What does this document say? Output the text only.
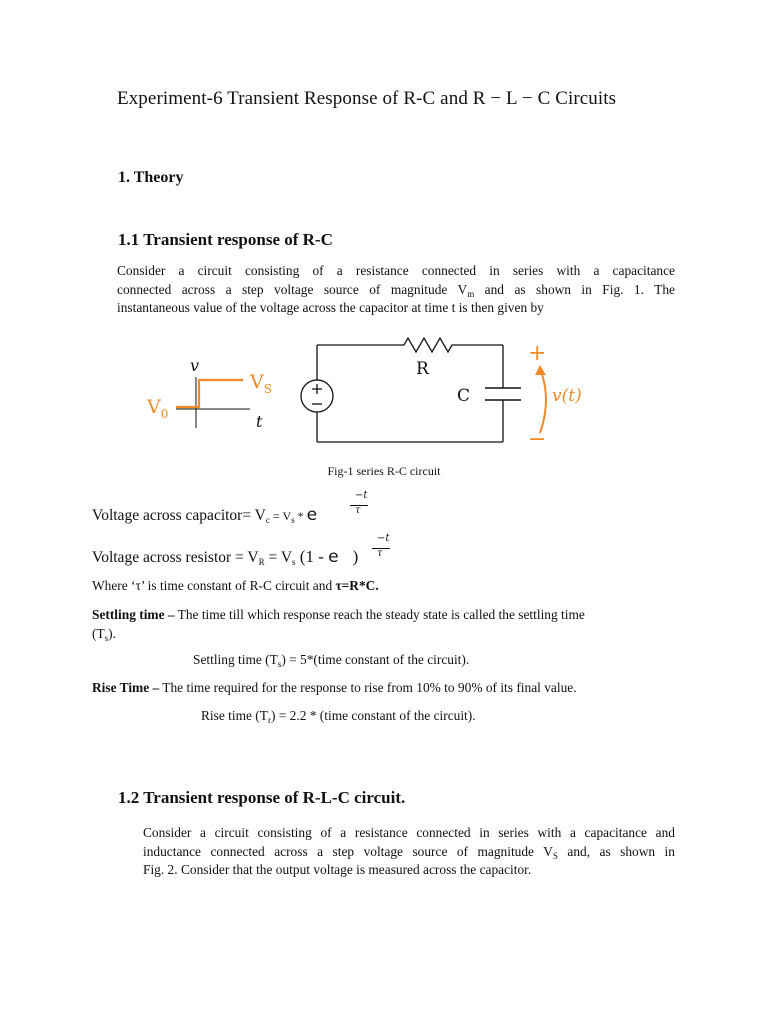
Experiment-6 Transient Response of R-C and R − L − C Circuits
1. Theory
1.1 Transient response of R-C
Consider a circuit consisting of a resistance connected in series with a capacitance
connected across a step voltage source of magnitude $V_m$ and as shown in Fig. 1. The
instantaneous value of the voltage across the capacitor at time t is then given by
v
$V_S$
$V_0$	t
R
C
+
−
v(t)
Fig-1 series R-C circuit
Voltage across capacitor= $V_c = V_s * e$
−t
τ
Voltage across resistor = $V_R = V_s$ (1 - e )
−t
τ
Where ‘τ’ is time constant of R-C circuit and τ=R*C.
Settling time – The time till which response reach the steady state is called the settling time
$(T_s)$.
Settling time $(T_s)$ = 5*(time constant of the circuit).
Rise Time – The time required for the response to rise from 10% to 90% of its final value.
Rise time $(T_r) = 2.2$ * (time constant of the circuit).
1.2 Transient response of R-L-C circuit.
Consider a circuit consisting of a resistance connected in series with a capacitance and
inductance connected across a step voltage source of magnitude $V_S$ and, as shown in
Fig. 2. Consider that the output voltage is measured across the capacitor.
